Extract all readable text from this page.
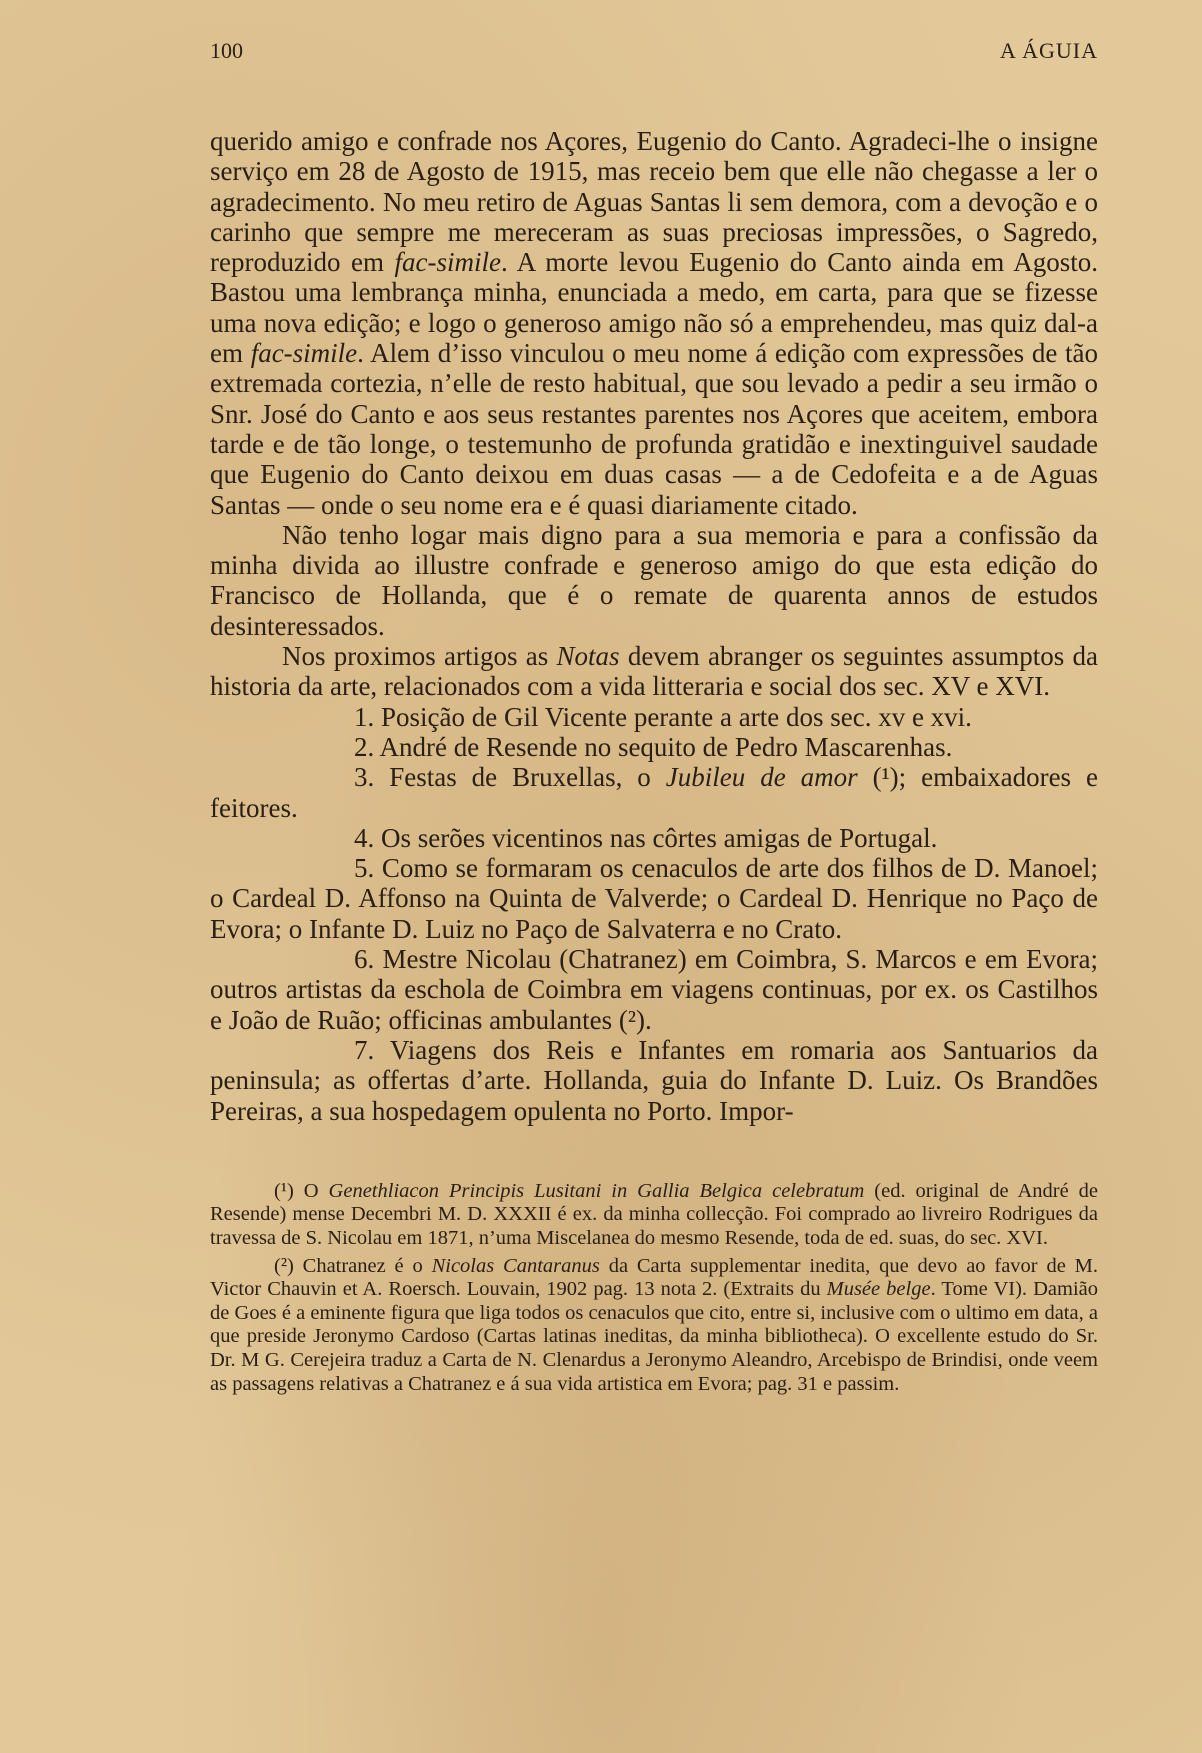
100	A ÁGUIA

querido amigo e confrade nos Açores, Eugenio do Canto. Agradeci-lhe o insigne serviço em 28 de Agosto de 1915, mas receio bem que elle não chegasse a ler o agradecimento. No meu retiro de Aguas Santas li sem demora, com a devoção e o carinho que sempre me mereceram as suas preciosas impressões, o Sagredo, reproduzido em fac-simile. A morte levou Eugenio do Canto ainda em Agosto. Bastou uma lembrança minha, enunciada a medo, em carta, para que se fizesse uma nova edição; e logo o generoso amigo não só a emprehendeu, mas quiz dal-a em fac-simile. Alem d’isso vinculou o meu nome á edição com expressões de tão extremada cortezia, n’elle de resto habitual, que sou levado a pedir a seu irmão o Snr. José do Canto e aos seus restantes parentes nos Açores que aceitem, embora tarde e de tão longe, o testemunho de profunda gratidão e inextinguivel saudade que Eugenio do Canto deixou em duas casas — a de Cedofeita e a de Aguas Santas — onde o seu nome era e é quasi diariamente citado.

Não tenho logar mais digno para a sua memoria e para a confissão da minha divida ao illustre confrade e generoso amigo do que esta edição do Francisco de Hollanda, que é o remate de quarenta annos de estudos desinteressados.

Nos proximos artigos as Notas devem abranger os seguintes assumptos da historia da arte, relacionados com a vida litteraria e social dos sec. XV e XVI.

1. Posição de Gil Vicente perante a arte dos sec. xv e xvi.

2. André de Resende no sequito de Pedro Mascarenhas.

3. Festas de Bruxellas, o Jubileu de amor (¹); embaixadores e feitores.

4. Os serões vicentinos nas côrtes amigas de Portugal.

5. Como se formaram os cenaculos de arte dos filhos de D. Manoel; o Cardeal D. Affonso na Quinta de Valverde; o Cardeal D. Henrique no Paço de Evora; o Infante D. Luiz no Paço de Salvaterra e no Crato.

6. Mestre Nicolau (Chatranez) em Coimbra, S. Marcos e em Evora; outros artistas da eschola de Coimbra em viagens continuas, por ex. os Castilhos e João de Ruão; officinas ambulantes (²).

7. Viagens dos Reis e Infantes em romaria aos Santuarios da peninsula; as offertas d’arte. Hollanda, guia do Infante D. Luiz. Os Brandões Pereiras, a sua hospedagem opulenta no Porto. Impor-

(¹) O Genethliacon Principis Lusitani in Gallia Belgica celebratum (ed. original de André de Resende) mense Decembri M. D. XXXII é ex. da minha collecção. Foi comprado ao livreiro Rodrigues da travessa de S. Nicolau em 1871, n’uma Miscelanea do mesmo Resende, toda de ed. suas, do sec. XVI.

(²) Chatranez é o Nicolas Cantaranus da Carta supplementar inedita, que devo ao favor de M. Victor Chauvin et A. Roersch. Louvain, 1902 pag. 13 nota 2. (Extraits du Musée belge. Tome VI). Damião de Goes é a eminente figura que liga todos os cenaculos que cito, entre si, inclusive com o ultimo em data, a que preside Jeronymo Cardoso (Cartas latinas ineditas, da minha bibliotheca). O excellente estudo do Sr. Dr. M G. Cerejeira traduz a Carta de N. Clenardus a Jeronymo Aleandro, Arcebispo de Brindisi, onde veem as passagens relativas a Chatranez e á sua vida artistica em Evora; pag. 31 e passim.
